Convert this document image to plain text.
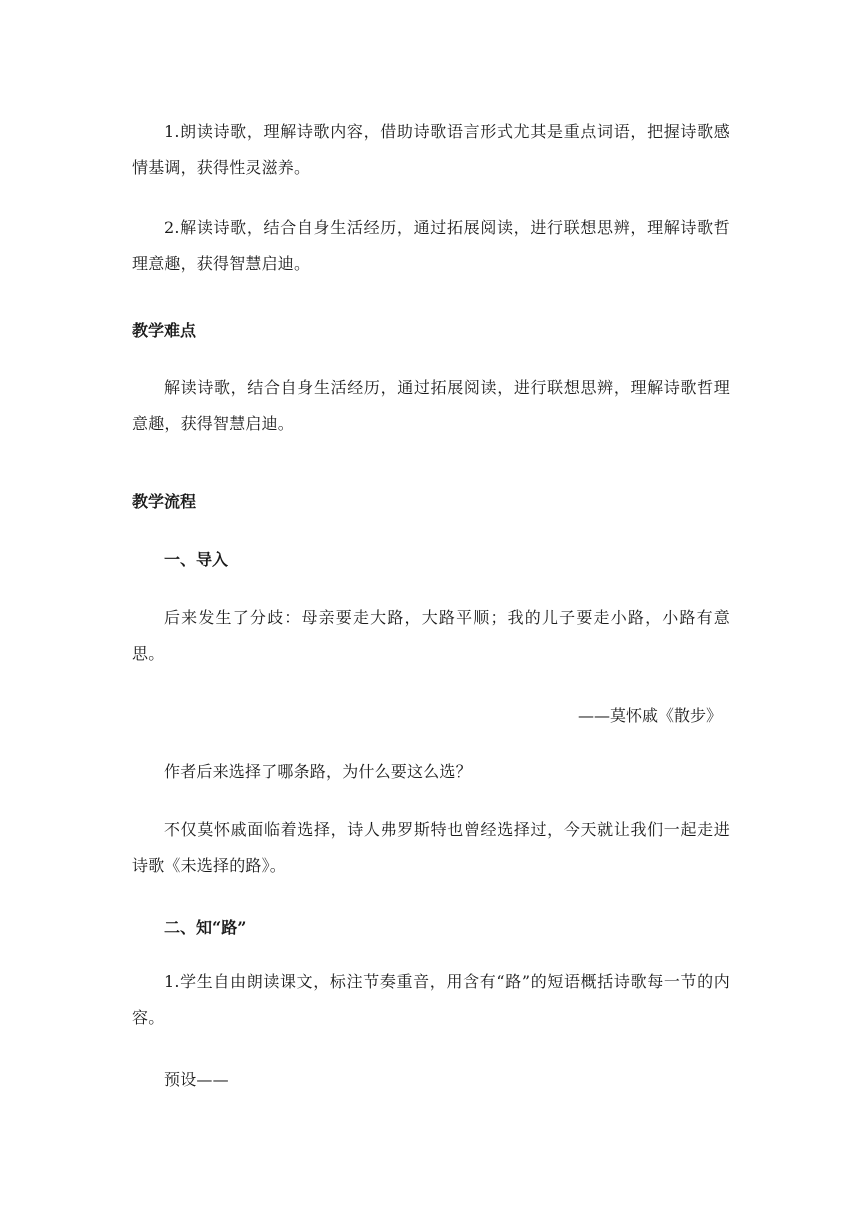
1.朗读诗歌，理解诗歌内容，借助诗歌语言形式尤其是重点词语，把握诗歌感情基调，获得性灵滋养。

2.解读诗歌，结合自身生活经历，通过拓展阅读，进行联想思辨，理解诗歌哲理意趣，获得智慧启迪。

教学难点

解读诗歌，结合自身生活经历，通过拓展阅读，进行联想思辨，理解诗歌哲理意趣，获得智慧启迪。

教学流程

一、导入

后来发生了分歧：母亲要走大路，大路平顺；我的儿子要走小路，小路有意思。

——莫怀戚《散步》

作者后来选择了哪条路，为什么要这么选？

不仅莫怀戚面临着选择，诗人弗罗斯特也曾经选择过，今天就让我们一起走进诗歌《未选择的路》。

二、知“路”

1.学生自由朗读课文，标注节奏重音，用含有“路”的短语概括诗歌每一节的内容。

预设——
